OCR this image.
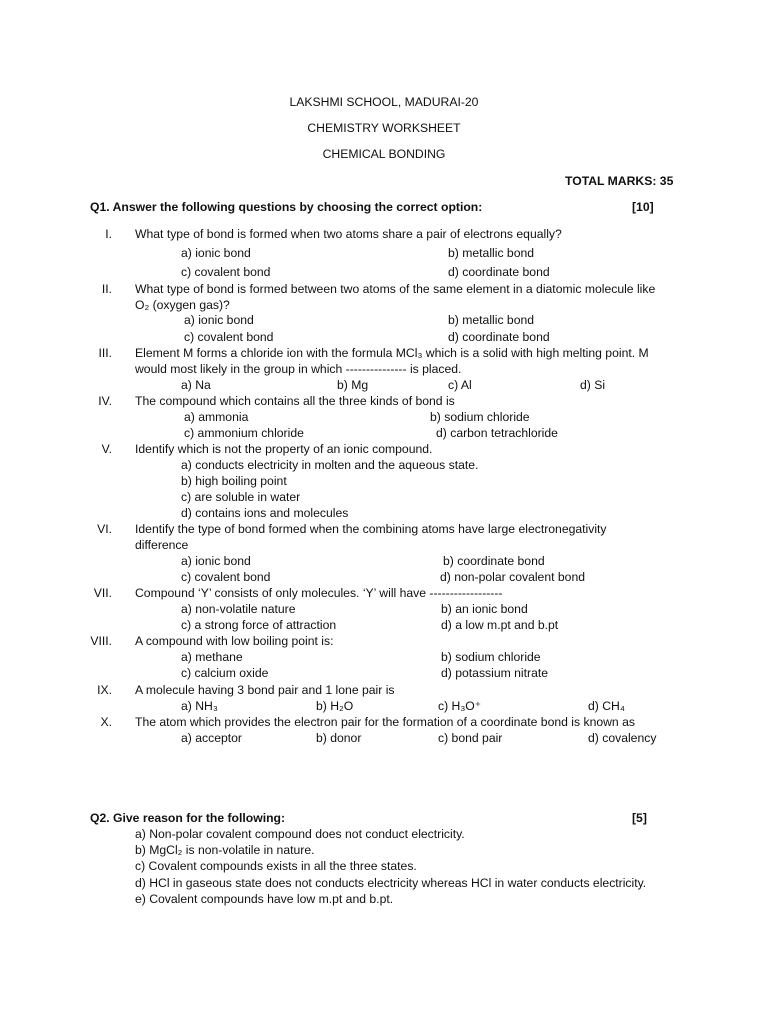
LAKSHMI SCHOOL, MADURAI-20
CHEMISTRY WORKSHEET
CHEMICAL BONDING
TOTAL MARKS: 35
Q1. Answer the following questions by choosing the correct option:	[10]
I. What type of bond is formed when two atoms share a pair of electrons equally?
a) ionic bond	b) metallic bond
c) covalent bond	d) coordinate bond
II. What type of bond is formed between two atoms of the same element in a diatomic molecule like
O₂ (oxygen gas)?
a) ionic bond	b) metallic bond
c) covalent bond	d) coordinate bond
III. Element M forms a chloride ion with the formula MCl₃ which is a solid with high melting point. M
would most likely in the group in which --------------- is placed.
a) Na	b) Mg	c) Al	d) Si
IV. The compound which contains all the three kinds of bond is
a) ammonia	b) sodium chloride
c) ammonium chloride	d) carbon tetrachloride
V. Identify which is not the property of an ionic compound.
a) conducts electricity in molten and the aqueous state.
b) high boiling point
c) are soluble in water
d) contains ions and molecules
VI. Identify the type of bond formed when the combining atoms have large electronegativity
difference
a) ionic bond	b) coordinate bond
c) covalent bond	d) non-polar covalent bond
VII. Compound ‘Y’ consists of only molecules. ‘Y’ will have ------------------
a) non-volatile nature	b) an ionic bond
c) a strong force of attraction	d) a low m.pt and b.pt
VIII. A compound with low boiling point is:
a) methane	b) sodium chloride
c) calcium oxide	d) potassium nitrate
IX. A molecule having 3 bond pair and 1 lone pair is
a) NH₃	b) H₂O	c) H₃O⁺	d) CH₄
X. The atom which provides the electron pair for the formation of a coordinate bond is known as
a) acceptor	b) donor	c) bond pair	d) covalency
Q2. Give reason for the following:	[5]
a) Non-polar covalent compound does not conduct electricity.
b) MgCl₂ is non-volatile in nature.
c) Covalent compounds exists in all the three states.
d) HCl in gaseous state does not conducts electricity whereas HCl in water conducts electricity.
e) Covalent compounds have low m.pt and b.pt.
